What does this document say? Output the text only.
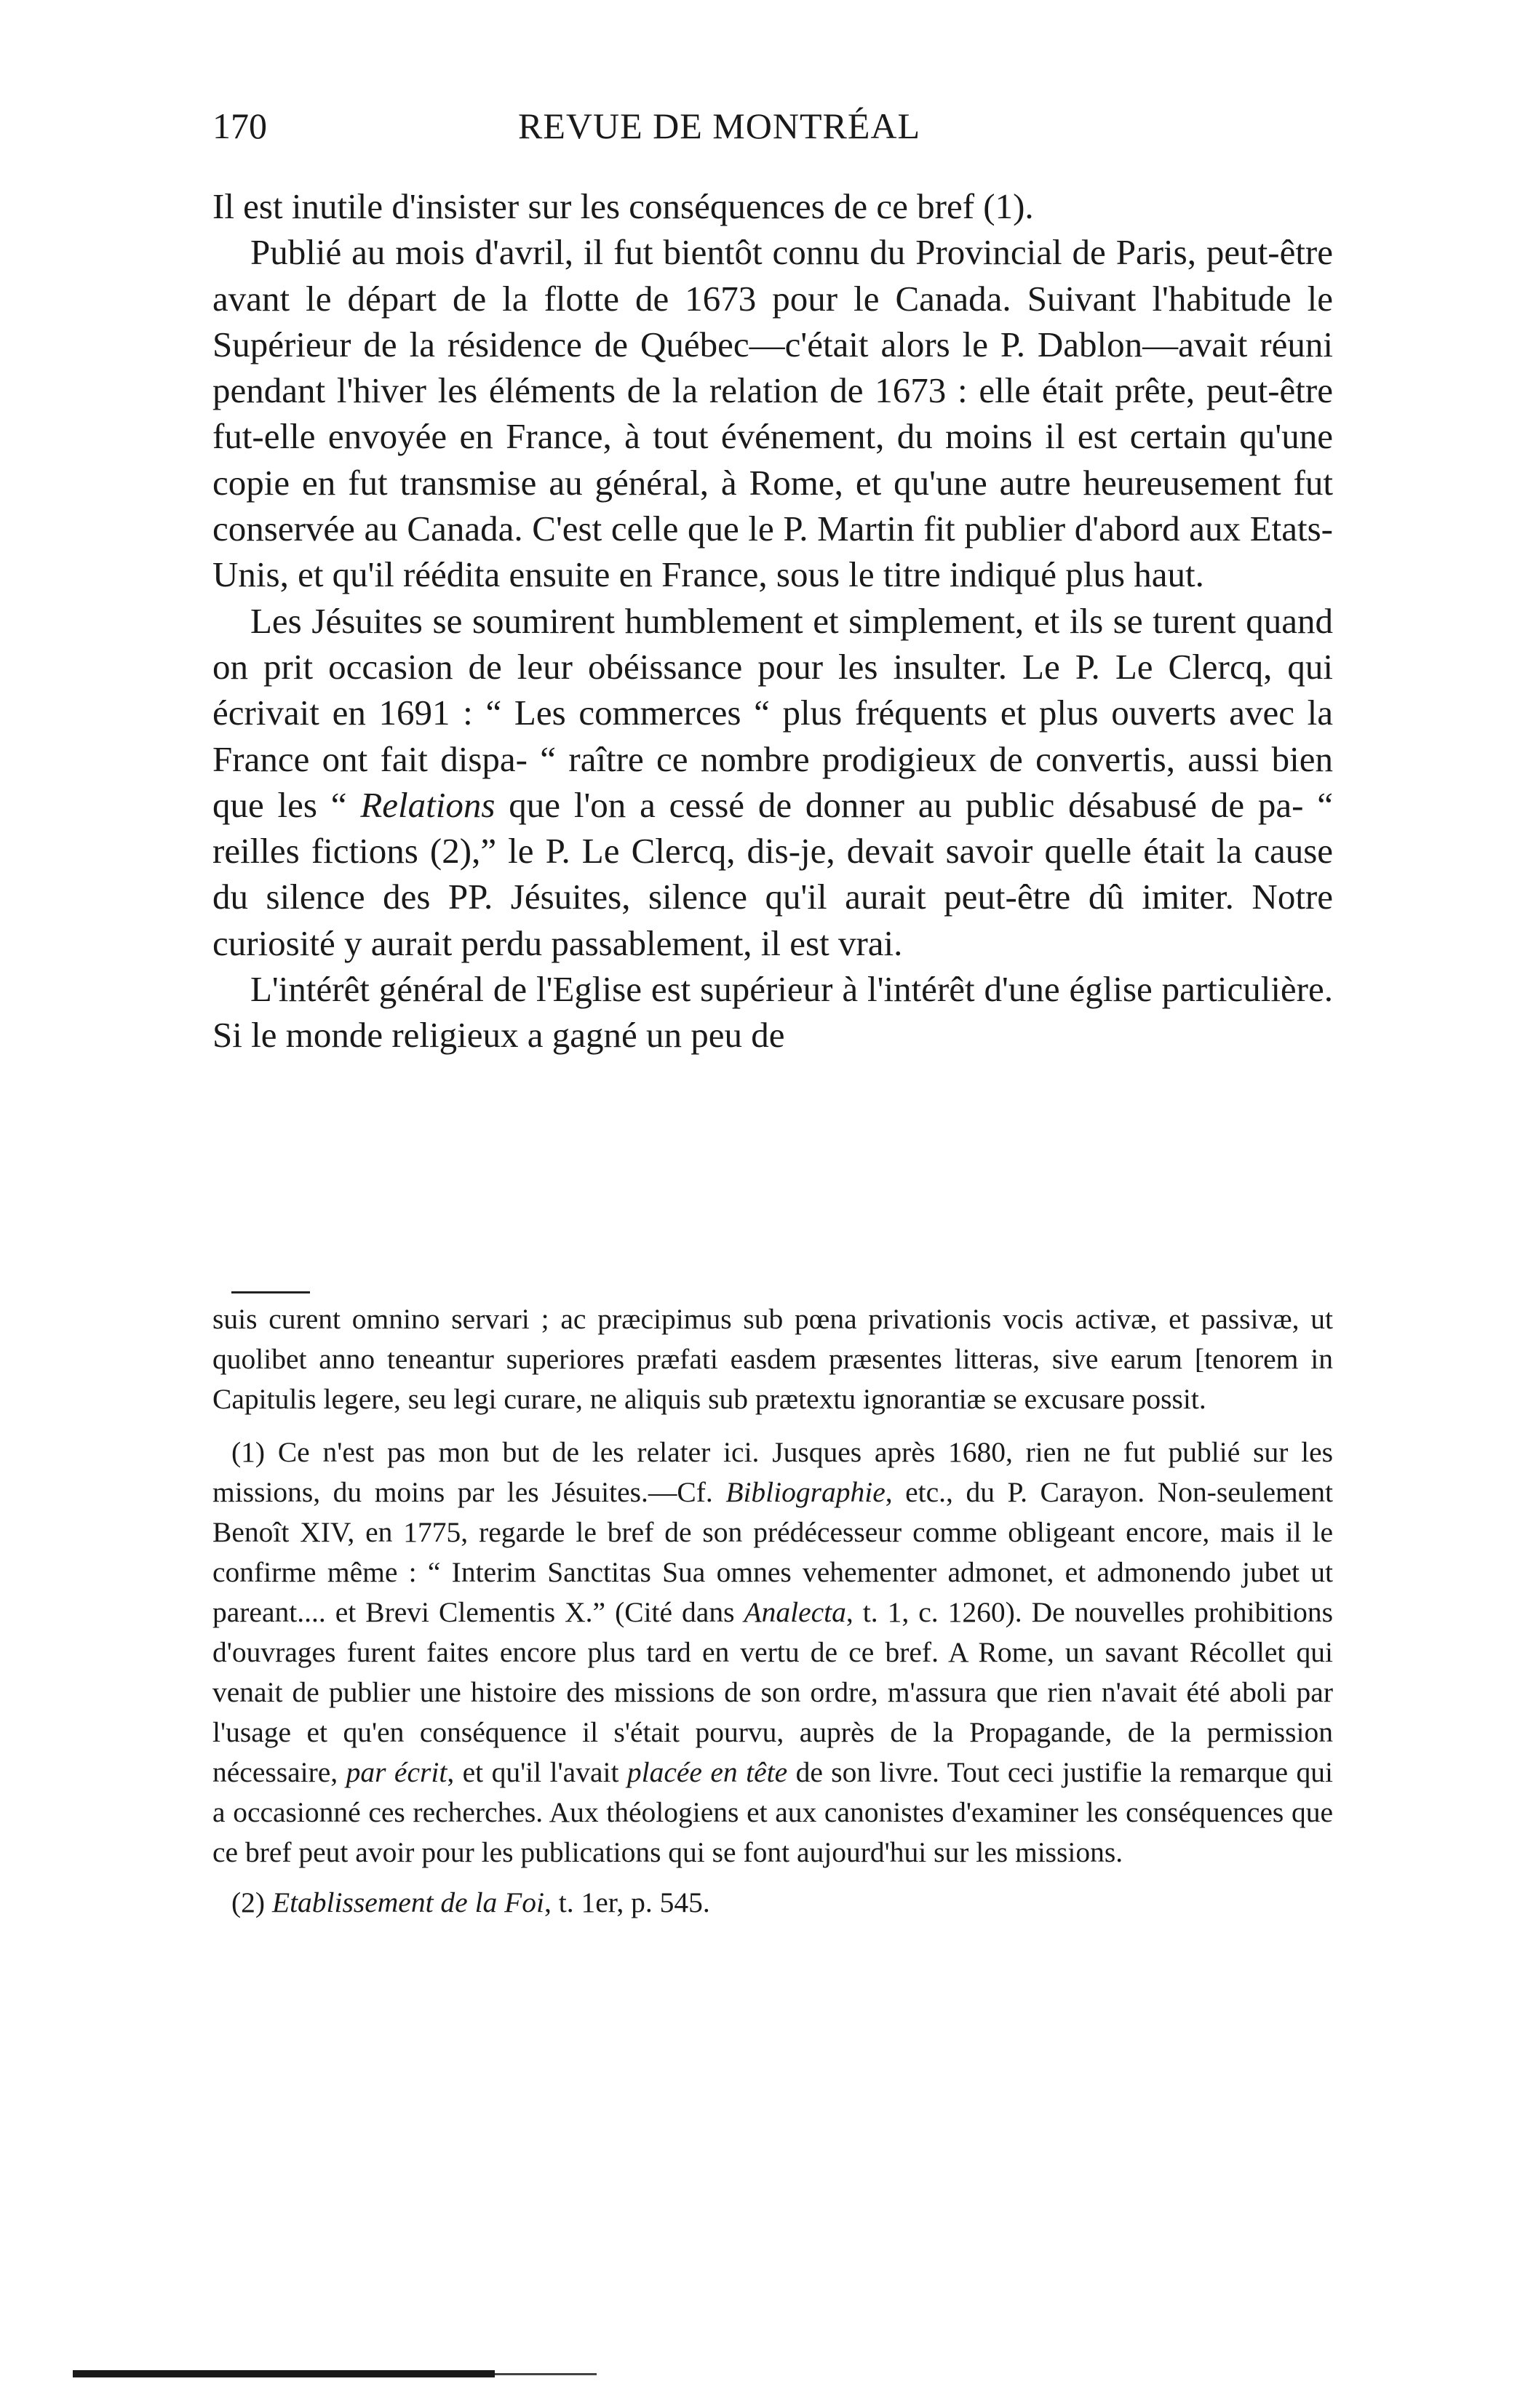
170	REVUE DE MONTRÉAL

Il est inutile d'insister sur les conséquences de ce bref (1).

Publié au mois d'avril, il fut bientôt connu du Provincial de Paris, peut-être avant le départ de la flotte de 1673 pour le Canada. Suivant l'habitude le Supérieur de la résidence de Québec—c'était alors le P. Dablon—avait réuni pendant l'hiver les éléments de la relation de 1673 : elle était prête, peut-être fut-elle envoyée en France, à tout événement, du moins il est certain qu'une copie en fut transmise au général, à Rome, et qu'une autre heureusement fut conservée au Canada. C'est celle que le P. Martin fit publier d'abord aux Etats-Unis, et qu'il réédita ensuite en France, sous le titre indiqué plus haut.

Les Jésuites se soumirent humblement et simplement, et ils se turent quand on prit occasion de leur obéissance pour les insulter. Le P. Le Clercq, qui écrivait en 1691 : “ Les commerces “ plus fréquents et plus ouverts avec la France ont fait dispa- “ raître ce nombre prodigieux de convertis, aussi bien que les “ Relations que l'on a cessé de donner au public désabusé de pa- “ reilles fictions (2),” le P. Le Clercq, dis-je, devait savoir quelle était la cause du silence des PP. Jésuites, silence qu'il aurait peut-être dû imiter. Notre curiosité y aurait perdu passablement, il est vrai.

L'intérêt général de l'Eglise est supérieur à l'intérêt d'une église particulière. Si le monde religieux a gagné un peu de

suis curent omnino servari ; ac præcipimus sub pœna privationis vocis activæ, et passivæ, ut quolibet anno teneantur superiores præfati easdem præsentes litteras, sive earum [tenorem in Capitulis legere, seu legi curare, ne aliquis sub prætextu ignorantiæ se excusare possit.

(1) Ce n'est pas mon but de les relater ici. Jusques après 1680, rien ne fut publié sur les missions, du moins par les Jésuites.—Cf. Bibliographie, etc., du P. Carayon. Non-seulement Benoît XIV, en 1775, regarde le bref de son prédécesseur comme obligeant encore, mais il le confirme même : “ Interim Sanctitas Sua omnes vehementer admonet, et admonendo jubet ut pareant.... et Brevi Clementis X.” (Cité dans Analecta, t. 1, c. 1260). De nouvelles prohibitions d'ouvrages furent faites encore plus tard en vertu de ce bref. A Rome, un savant Récollet qui venait de publier une histoire des missions de son ordre, m'assura que rien n'avait été aboli par l'usage et qu'en conséquence il s'était pourvu, auprès de la Propagande, de la permission nécessaire, par écrit, et qu'il l'avait placée en tête de son livre. Tout ceci justifie la remarque qui a occasionné ces recherches. Aux théologiens et aux canonistes d'examiner les conséquences que ce bref peut avoir pour les publications qui se font aujourd'hui sur les missions.

(2) Etablissement de la Foi, t. 1er, p. 545.
